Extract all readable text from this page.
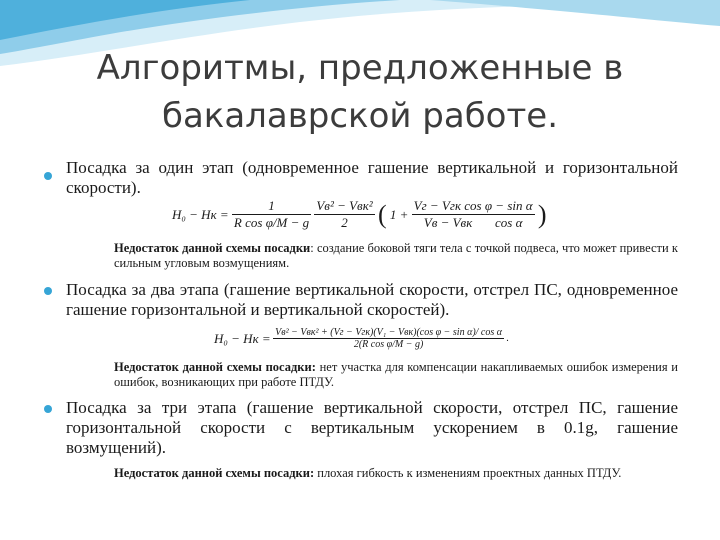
Алгоритмы, предложенные в
бакалаврской работе.
Посадка за один этап (одновременное гашение вертикальной и горизонтальной скорости).
H₀ − Hк = $\frac{1}{\text{R cos φ/M − g}}$
$\frac{\text{Vв² − Vвк²}}{2}$ ( $1 + \frac{\text{Vг − Vгк cos φ − sin α}}{\text{Vв − Vвк       cos α}}$ )
Недостаток данной схемы посадки: создание боковой тяги тела с точкой подвеса, что может привести к сильным угловым возмущениям.
Посадка за два этапа (гашение вертикальной скорости, отстрел ПС, одновременное гашение горизонтальной и вертикальной скоростей).
H₀ − Hк = $\frac{\text{Vв² − Vвк² + (Vг − Vгк)(V₁ − Vвк)(cos φ − sin α)/ cos α}}{\text{2(R cos φ/M − g)}}$ .
Недостаток данной схемы посадки: нет участка для компенсации накапливаемых ошибок измерения и ошибок, возникающих при работе ПТДУ.
Посадка за три этапа (гашение вертикальной скорости, отстрел ПС, гашение горизонтальной скорости с вертикальным ускорением в 0.1g, гашение возмущений).
Недостаток данной схемы посадки: плохая гибкость к изменениям проектных данных ПТДУ.
